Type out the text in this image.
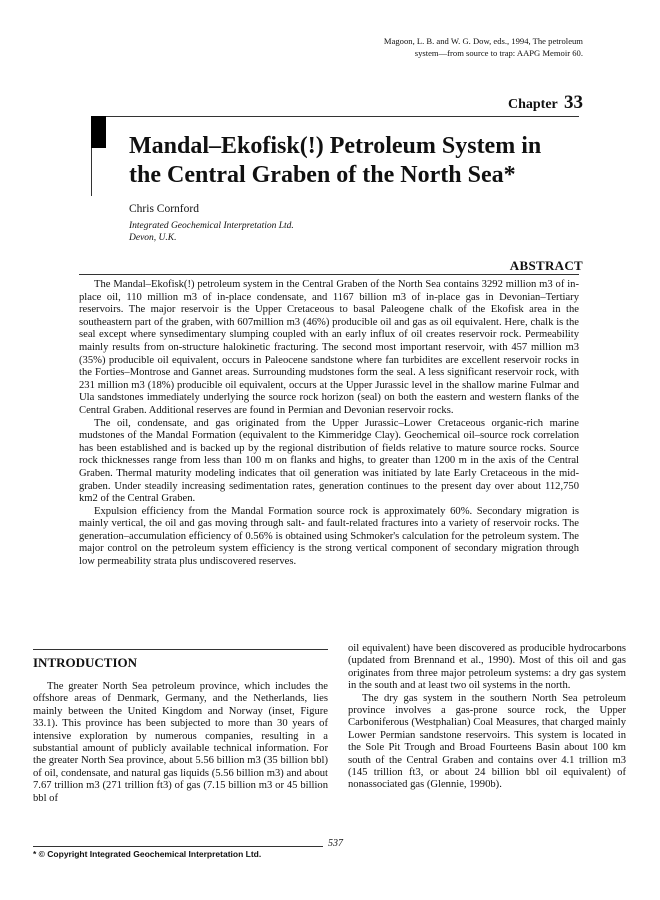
Magoon, L. B. and W. G. Dow, eds., 1994, The petroleum
system—from source to trap: AAPG Memoir 60.
Chapter 33
Mandal–Ekofisk(!) Petroleum System in
the Central Graben of the North Sea*
Chris Cornford
Integrated Geochemical Interpretation Ltd.
Devon, U.K.
ABSTRACT

The Mandal–Ekofisk(!) petroleum system in the Central Graben of the North Sea contains 3292 million m3 of in-place oil, 110 million m3 of in-place condensate, and 1167 billion m3 of in-place gas in Devonian–Tertiary reservoirs. The major reservoir is the Upper Cretaceous to basal Paleogene chalk of the Ekofisk area in the southeastern part of the graben, with 607million m3 (46%) producible oil and gas as oil equivalent. Here, chalk is the seal except where synsedimentary slumping coupled with an early influx of oil creates reservoir rock. Permeability mainly results from on-structure halokinetic fracturing. The second most important reservoir, with 457 million m3 (35%) producible oil equivalent, occurs in Paleocene sandstone where fan turbidites are excellent reservoir rocks in the Forties–Montrose and Gannet areas. Surrounding mudstones form the seal. A less significant reservoir rock, with 231 million m3 (18%) producible oil equivalent, occurs at the Upper Jurassic level in the shallow marine Fulmar and Ula sandstones immediately underlying the source rock horizon (seal) on both the eastern and western flanks of the Central Graben. Additional reserves are found in Permian and Devonian reservoir rocks.

The oil, condensate, and gas originated from the Upper Jurassic–Lower Cretaceous organic-rich marine mudstones of the Mandal Formation (equivalent to the Kimmeridge Clay). Geochemical oil–source rock correlation has been established and is backed up by the regional distribution of fields relative to mature source rocks. Source rock thicknesses range from less than 100 m on flanks and highs, to greater than 1200 m in the axis of the Central Graben. Thermal maturity modeling indicates that oil generation was initiated by late Early Cretaceous in the mid-graben. Under steadily increasing sedimentation rates, generation continues to the present day over about 112,750 km2 of the Central Graben.

Expulsion efficiency from the Mandal Formation source rock is approximately 60%. Secondary migration is mainly vertical, the oil and gas moving through salt- and fault-related fractures into a variety of reservoir rocks. The generation–accumulation efficiency of 0.56% is obtained using Schmoker's calculation for the petroleum system. The major control on the petroleum system efficiency is the strong vertical component of secondary migration through low permeability strata plus undiscovered reserves.

INTRODUCTION

The greater North Sea petroleum province, which includes the offshore areas of Denmark, Germany, and the Netherlands, lies mainly between the United Kingdom and Norway (inset, Figure 33.1). This province has been subjected to more than 30 years of intensive exploration by numerous companies, resulting in a substantial amount of publicly available technical information. For the greater North Sea province, about 5.56 billion m3 (35 billion bbl) of oil, condensate, and natural gas liquids (5.56 billion m3) and about 7.67 trillion m3 (271 trillion ft3) of gas (7.15 billion m3 or 45 billion bbl of

oil equivalent) have been discovered as producible hydrocarbons (updated from Brennand et al., 1990). Most of this oil and gas originates from three major petroleum systems: a dry gas system in the south and at least two oil systems in the north.

The dry gas system in the southern North Sea petroleum province involves a gas-prone source rock, the Upper Carboniferous (Westphalian) Coal Measures, that charged mainly Lower Permian sandstone reservoirs. This system is located in the Sole Pit Trough and Broad Fourteens Basin about 100 km south of the Central Graben and contains over 4.1 trillion m3 (145 trillion ft3, or about 24 billion bbl oil equivalent) of nonassociated gas (Glennie, 1990b).

* © Copyright Integrated Geochemical Interpretation Ltd.
537
